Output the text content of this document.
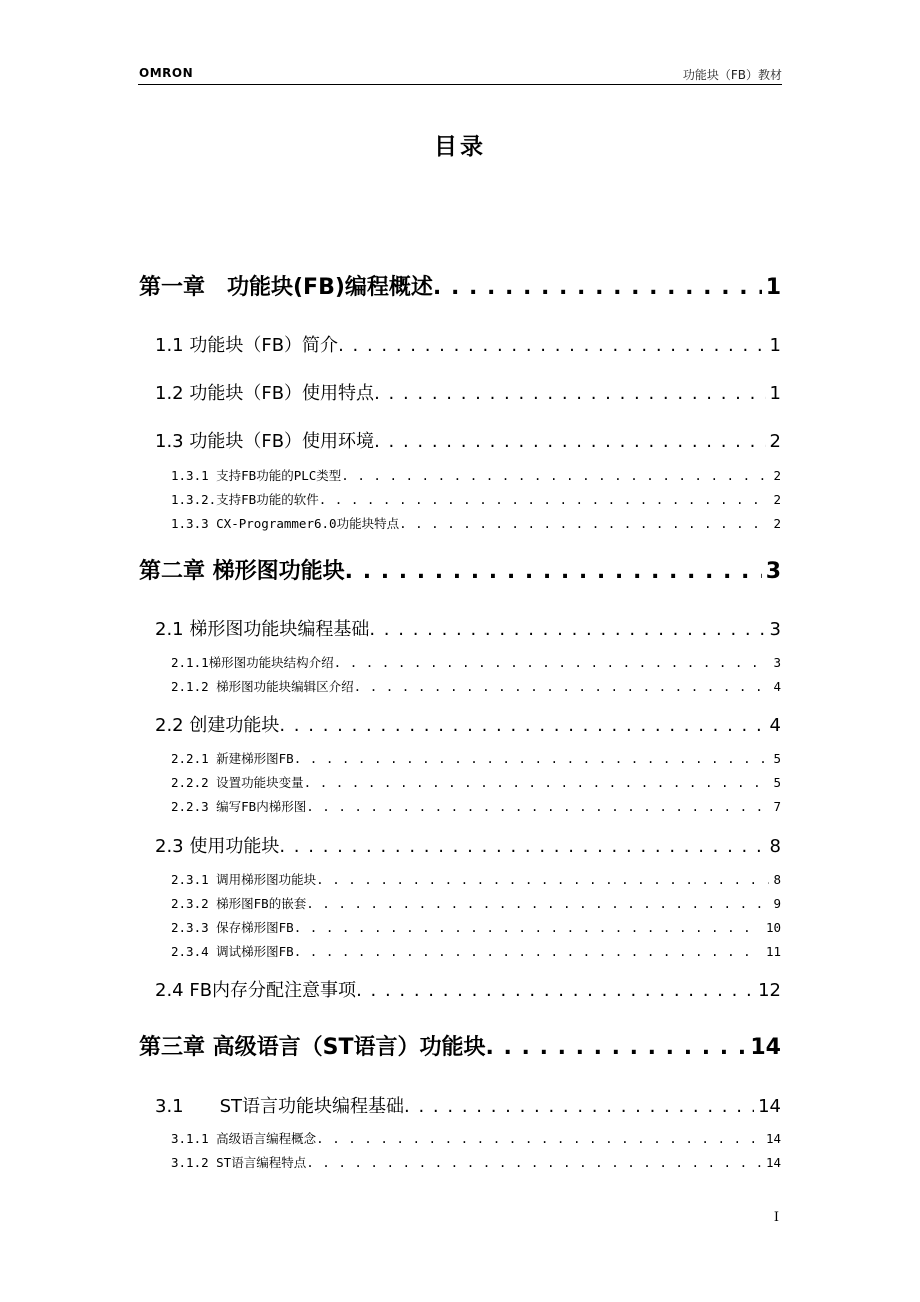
OMRON	功能块（FB）教材
目录
第一章　功能块(FB)编程概述 . . .	1
1.1 功能块（FB）简介 . . .	1
1.2 功能块（FB）使用特点 . . .	1
1.3 功能块（FB）使用环境 . . .	2
1.3.1 支持FB功能的PLC类型 . . .	2
1.3.2.支持FB功能的软件 . . .	2
1.3.3 CX-Programmer6.0功能块特点 . . .	2
第二章 梯形图功能块 . . .	3
2.1 梯形图功能块编程基础 . . .	3
2.1.1梯形图功能块结构介绍 . . .	3
2.1.2 梯形图功能块编辑区介绍 . . .	4
2.2 创建功能块 . . .	4
2.2.1 新建梯形图FB . . .	5
2.2.2 设置功能块变量 . . .	5
2.2.3 编写FB内梯形图 . . .	7
2.3 使用功能块 . . .	8
2.3.1 调用梯形图功能块 . . .	8
2.3.2 梯形图FB的嵌套 . . .	9
2.3.3 保存梯形图FB . . .	10
2.3.4 调试梯形图FB . . .	11
2.4 FB内存分配注意事项 . . .	12
第三章 高级语言（ST语言）功能块 . . .	14
3.1　　ST语言功能块编程基础 . . .	14
3.1.1 高级语言编程概念 . . .	14
3.1.2 ST语言编程特点 . . .	14
I
